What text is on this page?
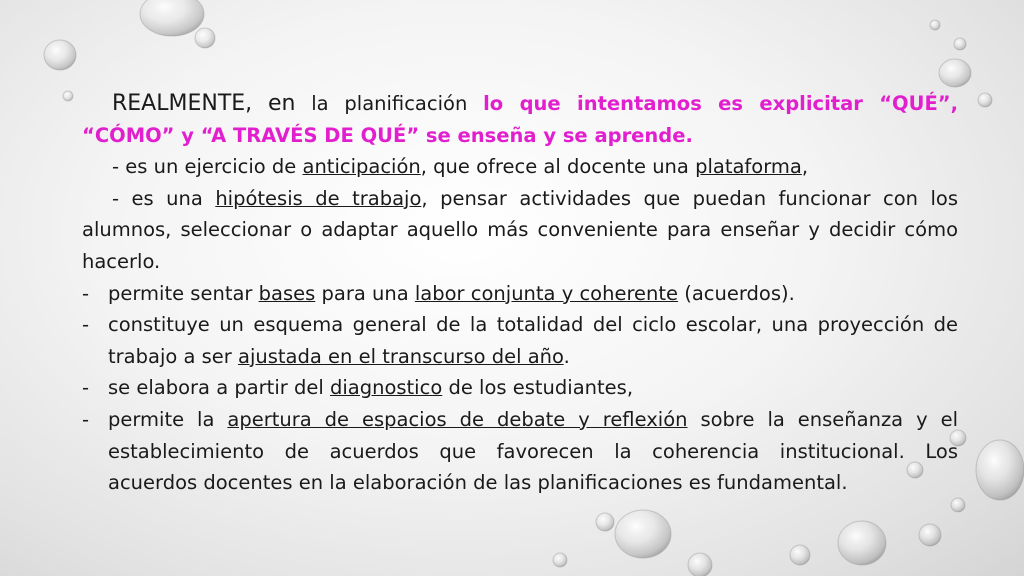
REALMENTE, en la planificación lo que intentamos es explicitar “QUÉ”,

“CÓMO” y “A TRAVÉS DE QUÉ” se enseña y se aprende.

- es un ejercicio de anticipación, que ofrece al docente una plataforma,

- es una hipótesis de trabajo, pensar actividades que puedan funcionar con los

alumnos, seleccionar o adaptar aquello más conveniente para enseñar y decidir cómo

hacerlo.

- permite sentar bases para una labor conjunta y coherente (acuerdos).
- constituye un esquema general de la totalidad del ciclo escolar, una proyección de

trabajo a ser ajustada en el transcurso del año.

- se elabora a partir del diagnostico de los estudiantes,
- permite la apertura de espacios de debate y reflexión sobre la enseñanza y el

establecimiento de acuerdos que favorecen la coherencia institucional. Los

acuerdos docentes en la elaboración de las planificaciones es fundamental.
